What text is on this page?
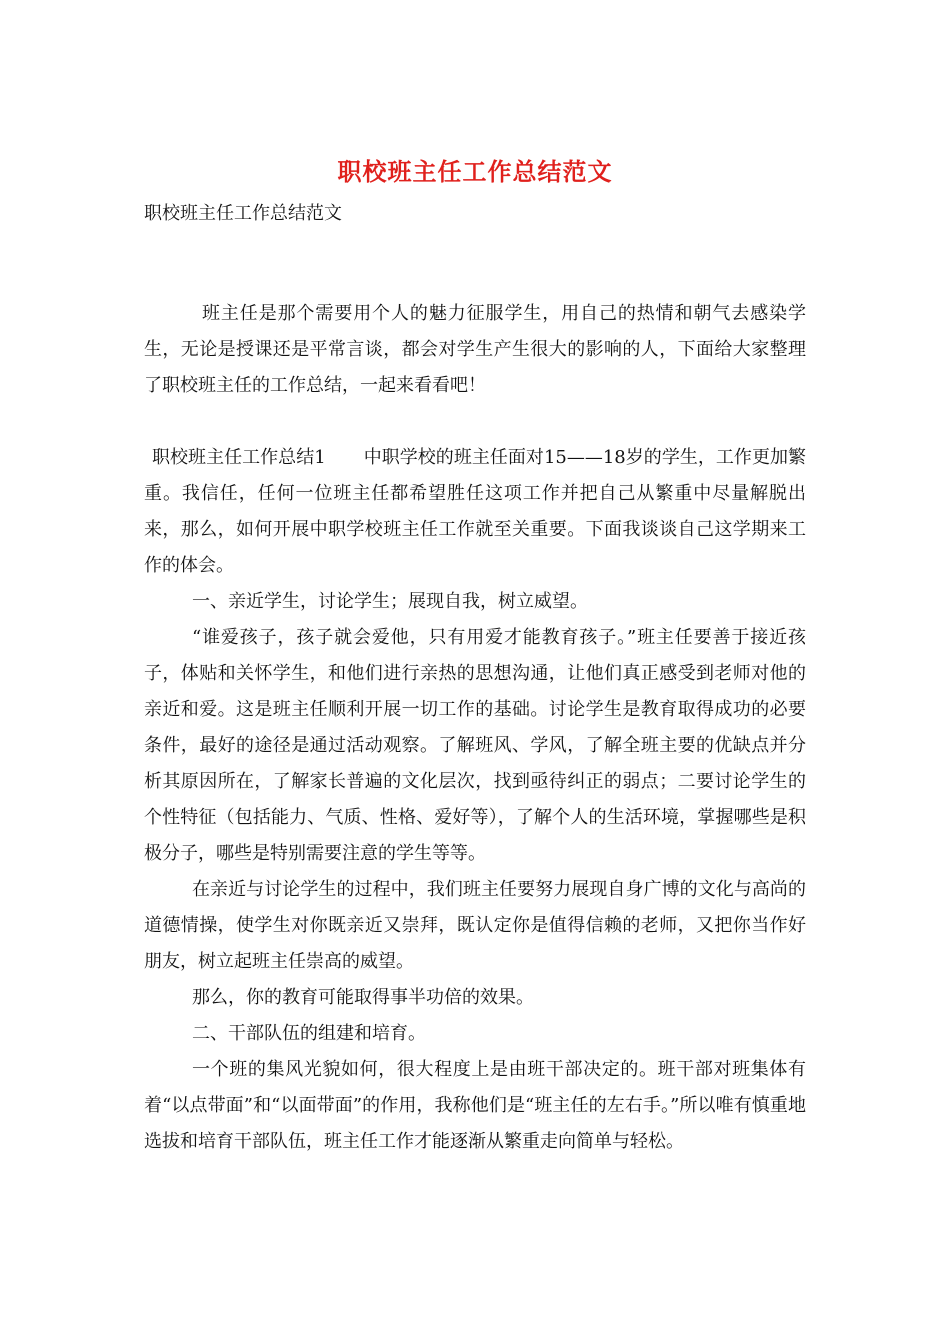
职校班主任工作总结范文
职校班主任工作总结范文

班主任是那个需要用个人的魅力征服学生，用自己的热情和朝气去感染学生，无论是授课还是平常言谈，都会对学生产生很大的影响的人，下面给大家整理了职校班主任的工作总结，一起来看看吧！

职校班主任工作总结1 中职学校的班主任面对15——18岁的学生，工作更加繁重。我信任，任何一位班主任都希望胜任这项工作并把自己从繁重中尽量解脱出来，那么，如何开展中职学校班主任工作就至关重要。下面我谈谈自己这学期来工作的体会。

一、亲近学生，讨论学生；展现自我，树立威望。

“谁爱孩子，孩子就会爱他，只有用爱才能教育孩子。”班主任要善于接近孩子，体贴和关怀学生，和他们进行亲热的思想沟通，让他们真正感受到老师对他的亲近和爱。这是班主任顺利开展一切工作的基础。讨论学生是教育取得成功的必要条件，最好的途径是通过活动观察。了解班风、学风，了解全班主要的优缺点并分析其原因所在，了解家长普遍的文化层次，找到亟待纠正的弱点；二要讨论学生的个性特征（包括能力、气质、性格、爱好等），了解个人的生活环境，掌握哪些是积极分子，哪些是特别需要注意的学生等等。

在亲近与讨论学生的过程中，我们班主任要努力展现自身广博的文化与高尚的道德情操，使学生对你既亲近又崇拜，既认定你是值得信赖的老师，又把你当作好朋友，树立起班主任崇高的威望。

那么，你的教育可能取得事半功倍的效果。

二、干部队伍的组建和培育。

一个班的集风光貌如何，很大程度上是由班干部决定的。班干部对班集体有着“以点带面”和“以面带面”的作用，我称他们是“班主任的左右手。”所以唯有慎重地选拔和培育干部队伍，班主任工作才能逐渐从繁重走向简单与轻松。
